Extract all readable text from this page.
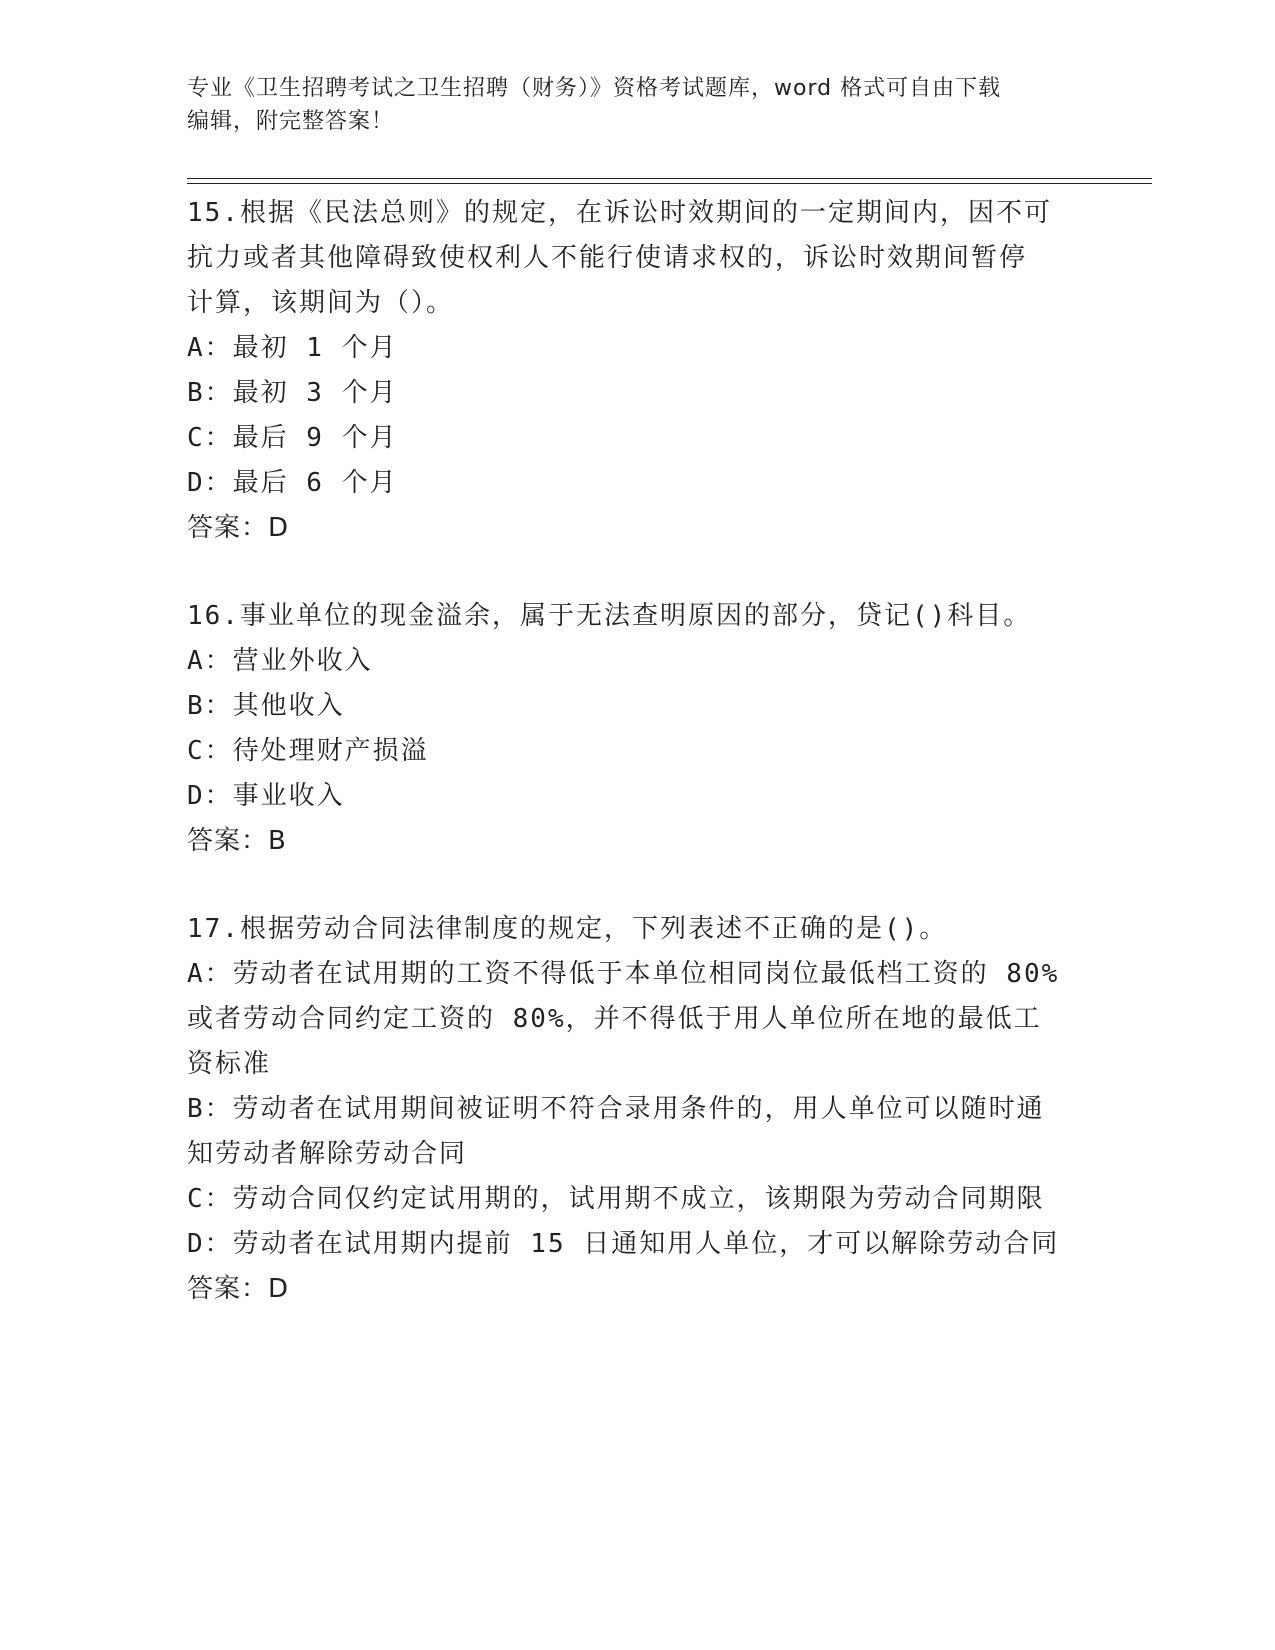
专业《卫生招聘考试之卫生招聘（财务）》资格考试题库，word 格式可自由下载
编辑，附完整答案！
15.根据《民法总则》的规定，在诉讼时效期间的一定期间内，因不可
抗力或者其他障碍致使权利人不能行使请求权的，诉讼时效期间暂停
计算，该期间为（）。
A：最初 1 个月
B：最初 3 个月
C：最后 9 个月
D：最后 6 个月
答案：D
16.事业单位的现金溢余，属于无法查明原因的部分，贷记()科目。
A：营业外收入
B：其他收入
C：待处理财产损溢
D：事业收入
答案：B
17.根据劳动合同法律制度的规定，下列表述不正确的是()。
A：劳动者在试用期的工资不得低于本单位相同岗位最低档工资的 80%
或者劳动合同约定工资的 80%，并不得低于用人单位所在地的最低工
资标准
B：劳动者在试用期间被证明不符合录用条件的，用人单位可以随时通
知劳动者解除劳动合同
C：劳动合同仅约定试用期的，试用期不成立，该期限为劳动合同期限
D：劳动者在试用期内提前 15 日通知用人单位，才可以解除劳动合同
答案：D
